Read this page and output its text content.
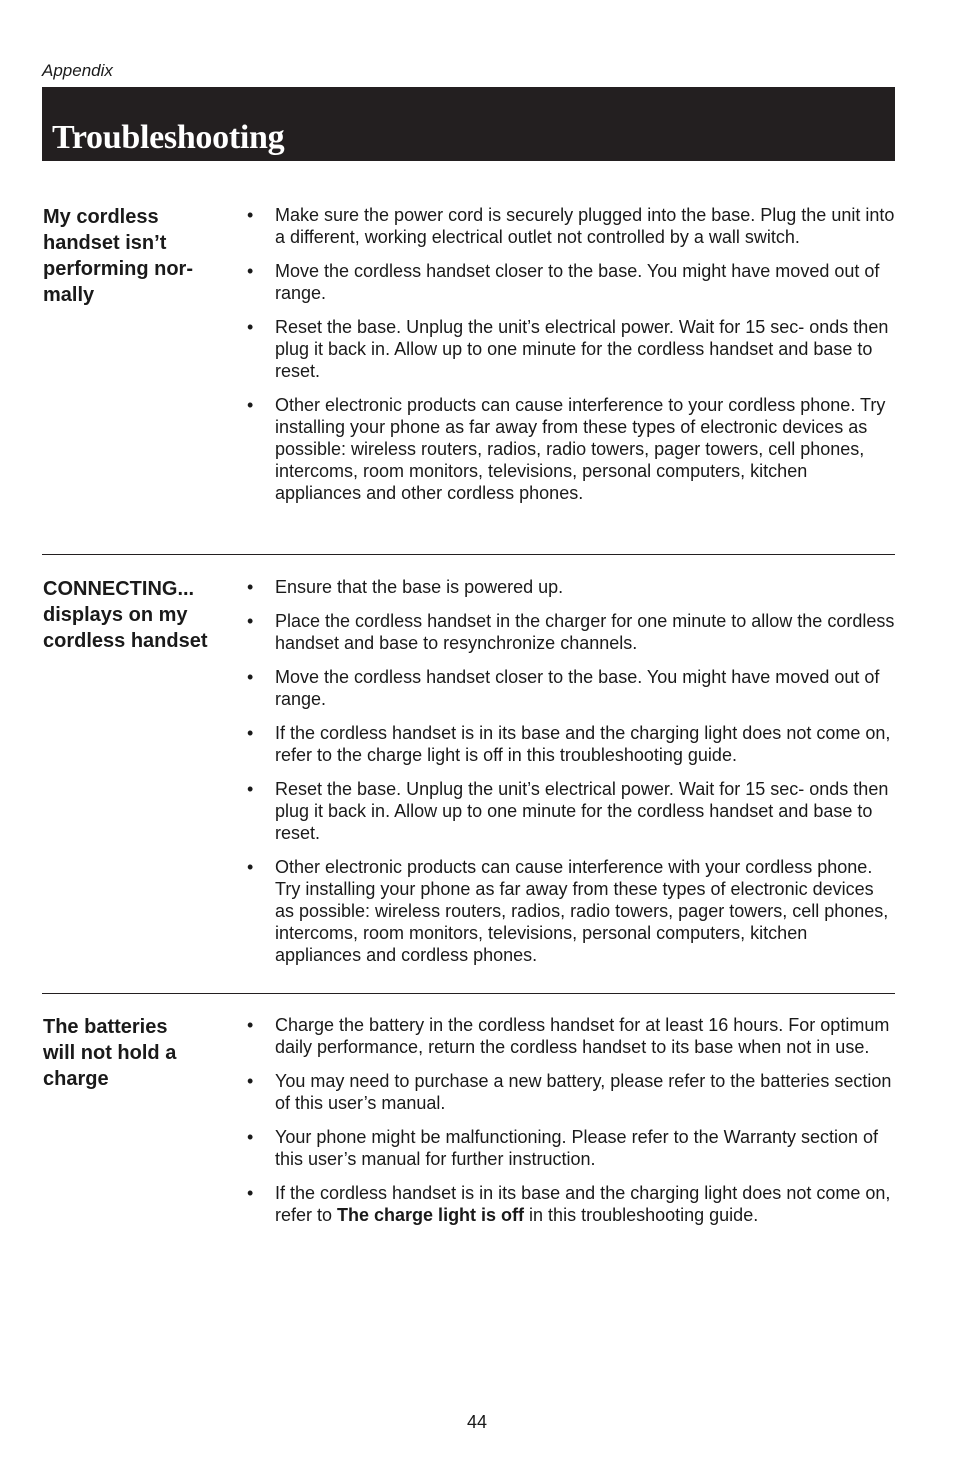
Appendix
Troubleshooting
My cordless
handset isn’t
performing nor-
mally
• Make sure the power cord is securely plugged into the base. Plug the unit into a different, working electrical outlet not controlled by a wall switch.
• Move the cordless handset closer to the base. You might have moved out of range.
• Reset the base. Unplug the unit’s electrical power. Wait for 15 sec- onds then plug it back in. Allow up to one minute for the cordless handset and base to reset.
• Other electronic products can cause interference to your cordless phone. Try installing your phone as far away from these types of electronic devices as possible: wireless routers, radios, radio towers, pager towers, cell phones, intercoms, room monitors, televisions, personal computers, kitchen appliances and other cordless phones.
CONNECTING...
displays on my
cordless handset
• Ensure that the base is powered up.
• Place the cordless handset in the charger for one minute to allow the cordless handset and base to resynchronize channels.
• Move the cordless handset closer to the base. You might have moved out of range.
• If the cordless handset is in its base and the charging light does not come on, refer to the charge light is off in this troubleshooting guide.
• Reset the base. Unplug the unit’s electrical power. Wait for 15 sec- onds then plug it back in. Allow up to one minute for the cordless handset and base to reset.
• Other electronic products can cause interference with your cordless phone. Try installing your phone as far away from these types of electronic devices as possible: wireless routers, radios, radio towers, pager towers, cell phones, intercoms, room monitors, televisions, personal computers, kitchen appliances and cordless phones.
The batteries
will not hold a
charge
• Charge the battery in the cordless handset for at least 16 hours. For optimum daily performance, return the cordless handset to its base when not in use.
• You may need to purchase a new battery, please refer to the batteries section of this user’s manual.
• Your phone might be malfunctioning. Please refer to the Warranty section of this user’s manual for further instruction.
• If the cordless handset is in its base and the charging light does not come on, refer to The charge light is off in this troubleshooting guide.
44
